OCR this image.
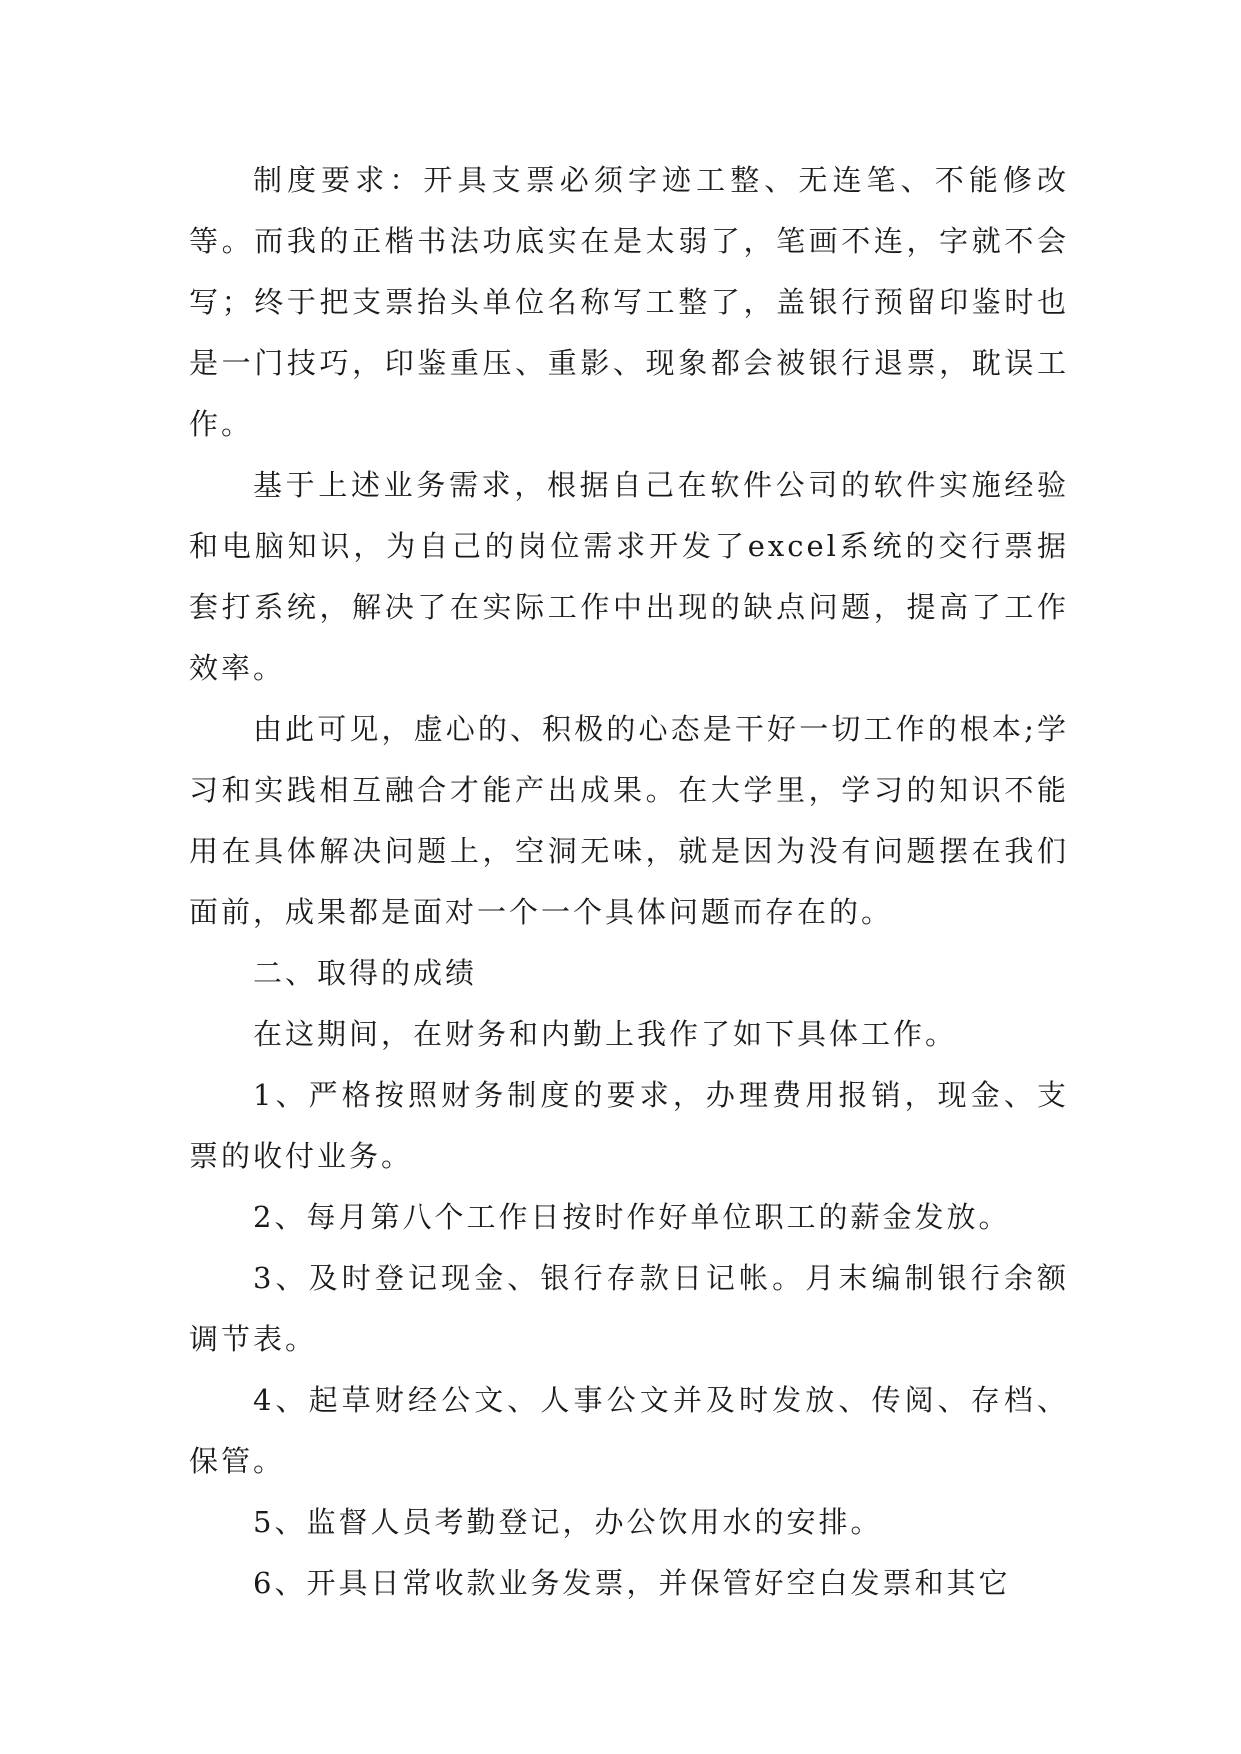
制度要求：开具支票必须字迹工整、无连笔、不能修改等。而我的正楷书法功底实在是太弱了，笔画不连，字就不会写；终于把支票抬头单位名称写工整了，盖银行预留印鉴时也是一门技巧，印鉴重压、重影、现象都会被银行退票，耽误工作。

基于上述业务需求，根据自己在软件公司的软件实施经验和电脑知识，为自己的岗位需求开发了excel系统的交行票据套打系统，解决了在实际工作中出现的缺点问题，提高了工作效率。

由此可见，虚心的、积极的心态是干好一切工作的根本;学习和实践相互融合才能产出成果。在大学里，学习的知识不能用在具体解决问题上，空洞无味，就是因为没有问题摆在我们面前，成果都是面对一个一个具体问题而存在的。

二、取得的成绩

在这期间，在财务和内勤上我作了如下具体工作。

1、严格按照财务制度的要求，办理费用报销，现金、支票的收付业务。

2、每月第八个工作日按时作好单位职工的薪金发放。

3、及时登记现金、银行存款日记帐。月末编制银行余额调节表。

4、起草财经公文、人事公文并及时发放、传阅、存档、保管。

5、监督人员考勤登记，办公饮用水的安排。

6、开具日常收款业务发票，并保管好空白发票和其它
